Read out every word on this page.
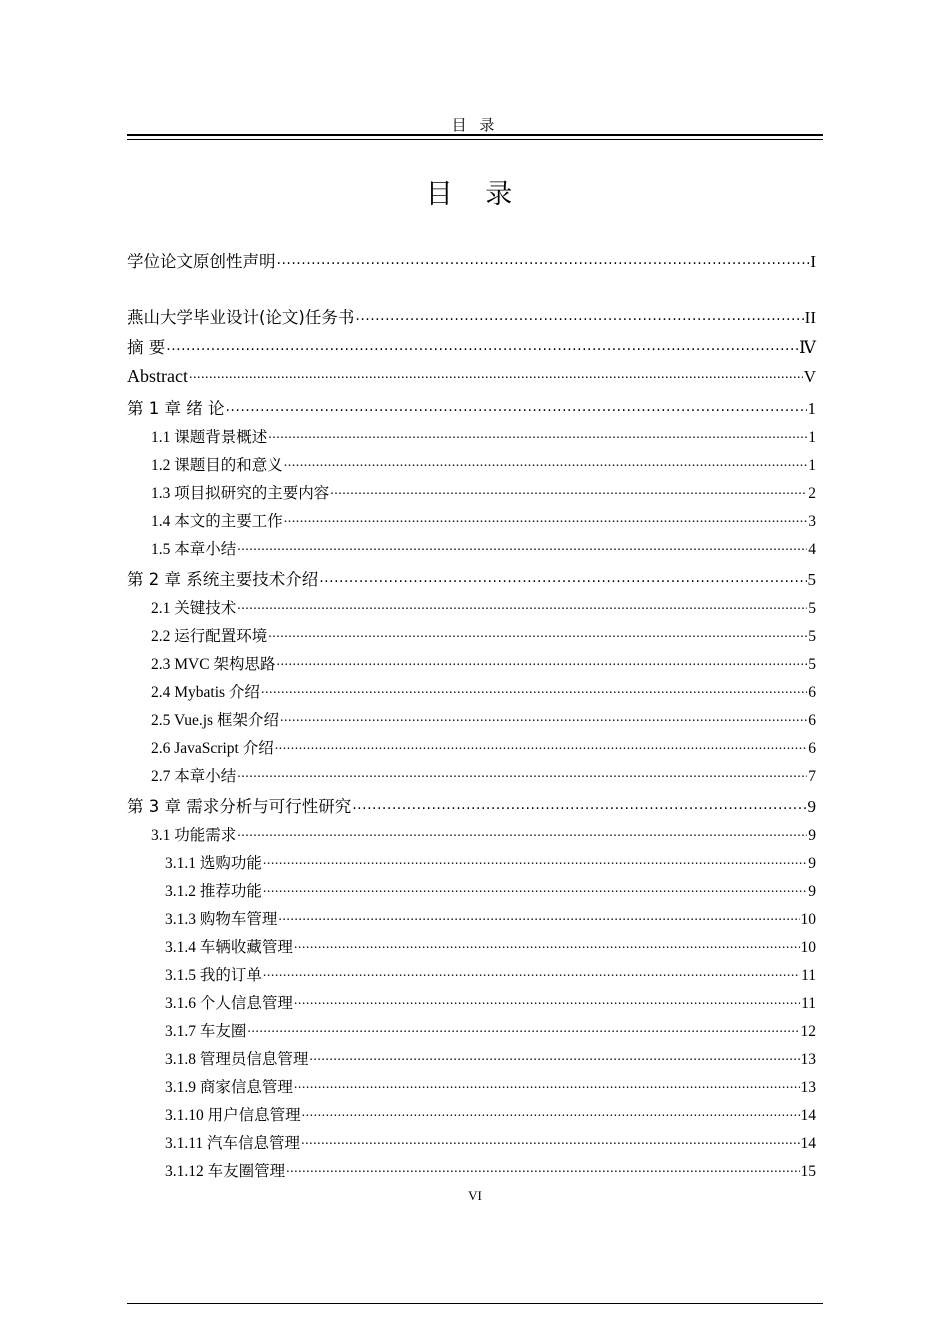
目 录
目 录
学位论文原创性声明 .....	I
燕山大学毕业设计(论文)任务书 .....	II
摘 要 .....	Ⅳ
Abstract .....	V
第 1 章 绪 论 .....	1
1.1 课题背景概述 .....	1
1.2 课题目的和意义 .....	1
1.3 项目拟研究的主要内容 .....	2
1.4 本文的主要工作 .....	3
1.5 本章小结 .....	4
第 2 章 系统主要技术介绍 .....	5
2.1 关键技术 .....	5
2.2 运行配置环境 .....	5
2.3 MVC 架构思路 .....	5
2.4 Mybatis 介绍 .....	6
2.5 Vue.js 框架介绍 .....	6
2.6 JavaScript 介绍 .....	6
2.7 本章小结 .....	7
第 3 章 需求分析与可行性研究 .....	9
3.1 功能需求 .....	9
3.1.1 选购功能 .....	9
3.1.2 推荐功能 .....	9
3.1.3 购物车管理 .....	10
3.1.4 车辆收藏管理 .....	10
3.1.5 我的订单 .....	11
3.1.6 个人信息管理 .....	11
3.1.7 车友圈 .....	12
3.1.8 管理员信息管理 .....	13
3.1.9 商家信息管理 .....	13
3.1.10 用户信息管理 .....	14
3.1.11 汽车信息管理 .....	14
3.1.12 车友圈管理 .....	15
VI
